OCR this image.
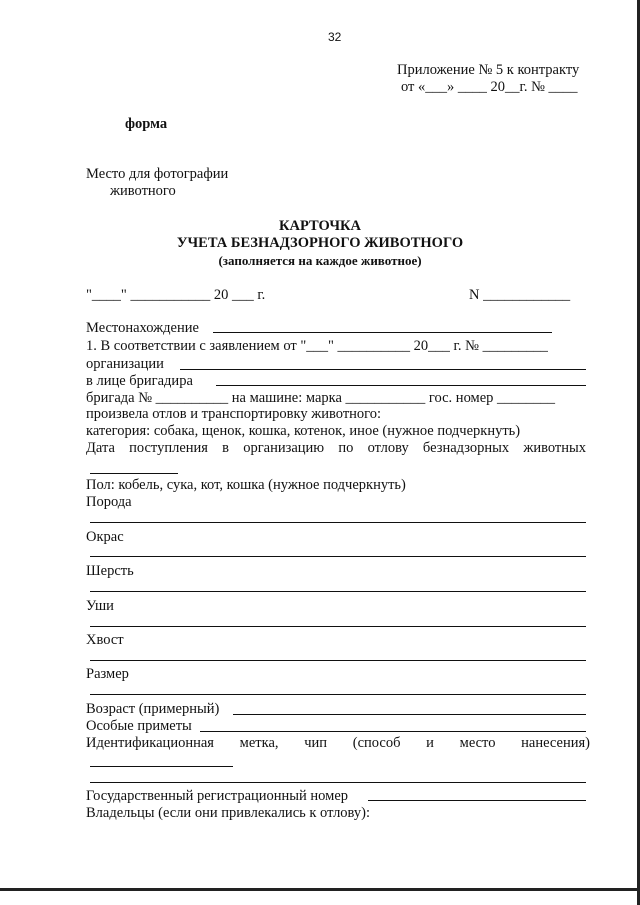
32
Приложение № 5 к контракту
от «___» ____ 20__г. № ____
форма
Место для фотографии
животного
КАРТОЧКА
УЧЕТА БЕЗНАДЗОРНОГО ЖИВОТНОГО
(заполняется на каждое животное)
"____" ___________ 20 ___ г.	N ____________
Местонахождение
1. В соответствии с заявлением от "___" __________ 20___ г. № _________
организации
в лице бригадира
бригада № __________ на машине: марка ___________ гос. номер ________
произвела отлов и транспортировку животного:
категория: собака, щенок, кошка, котенок, иное (нужное подчеркнуть)
Дата поступления в организацию по отлову безнадзорных животных
Пол: кобель, сука, кот, кошка (нужное подчеркнуть)
Порода
Окрас
Шерсть
Уши
Хвост
Размер
Возраст (примерный)
Особые приметы
Идентификационная метка, чип (способ и место нанесения)
Государственный регистрационный номер
Владельцы (если они привлекались к отлову):
